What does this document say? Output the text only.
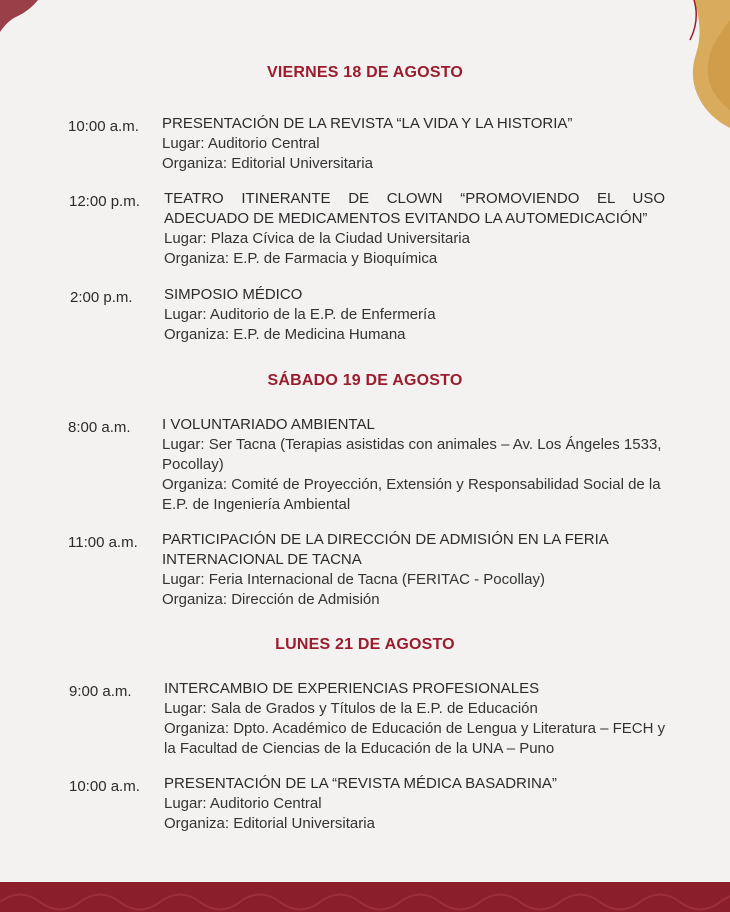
VIERNES 18 DE AGOSTO
10:00 a.m. PRESENTACIÓN DE LA REVISTA “LA VIDA Y LA HISTORIA”
Lugar: Auditorio Central
Organiza: Editorial Universitaria
12:00 p.m. TEATRO ITINERANTE DE CLOWN “PROMOVIENDO EL USO ADECUADO DE MEDICAMENTOS EVITANDO LA AUTOMEDICACIÓN”
Lugar: Plaza Cívica de la Ciudad Universitaria
Organiza: E.P. de Farmacia y Bioquímica
2:00 p.m. SIMPOSIO MÉDICO
Lugar: Auditorio de la E.P. de Enfermería
Organiza: E.P. de Medicina Humana
SÁBADO 19 DE AGOSTO
8:00 a.m. I VOLUNTARIADO AMBIENTAL
Lugar: Ser Tacna (Terapias asistidas con animales – Av. Los Ángeles 1533, Pocollay)
Organiza: Comité de Proyección, Extensión y Responsabilidad Social de la E.P. de Ingeniería Ambiental
11:00 a.m. PARTICIPACIÓN DE LA DIRECCIÓN DE ADMISIÓN EN LA FERIA INTERNACIONAL DE TACNA
Lugar: Feria Internacional de Tacna (FERITAC - Pocollay)
Organiza: Dirección de Admisión
LUNES 21 DE AGOSTO
9:00 a.m. INTERCAMBIO DE EXPERIENCIAS PROFESIONALES
Lugar: Sala de Grados y Títulos de la E.P. de Educación
Organiza: Dpto. Académico de Educación de Lengua y Literatura – FECH y la Facultad de Ciencias de la Educación de la UNA – Puno
10:00 a.m. PRESENTACIÓN DE LA “REVISTA MÉDICA BASADRINA”
Lugar: Auditorio Central
Organiza: Editorial Universitaria
